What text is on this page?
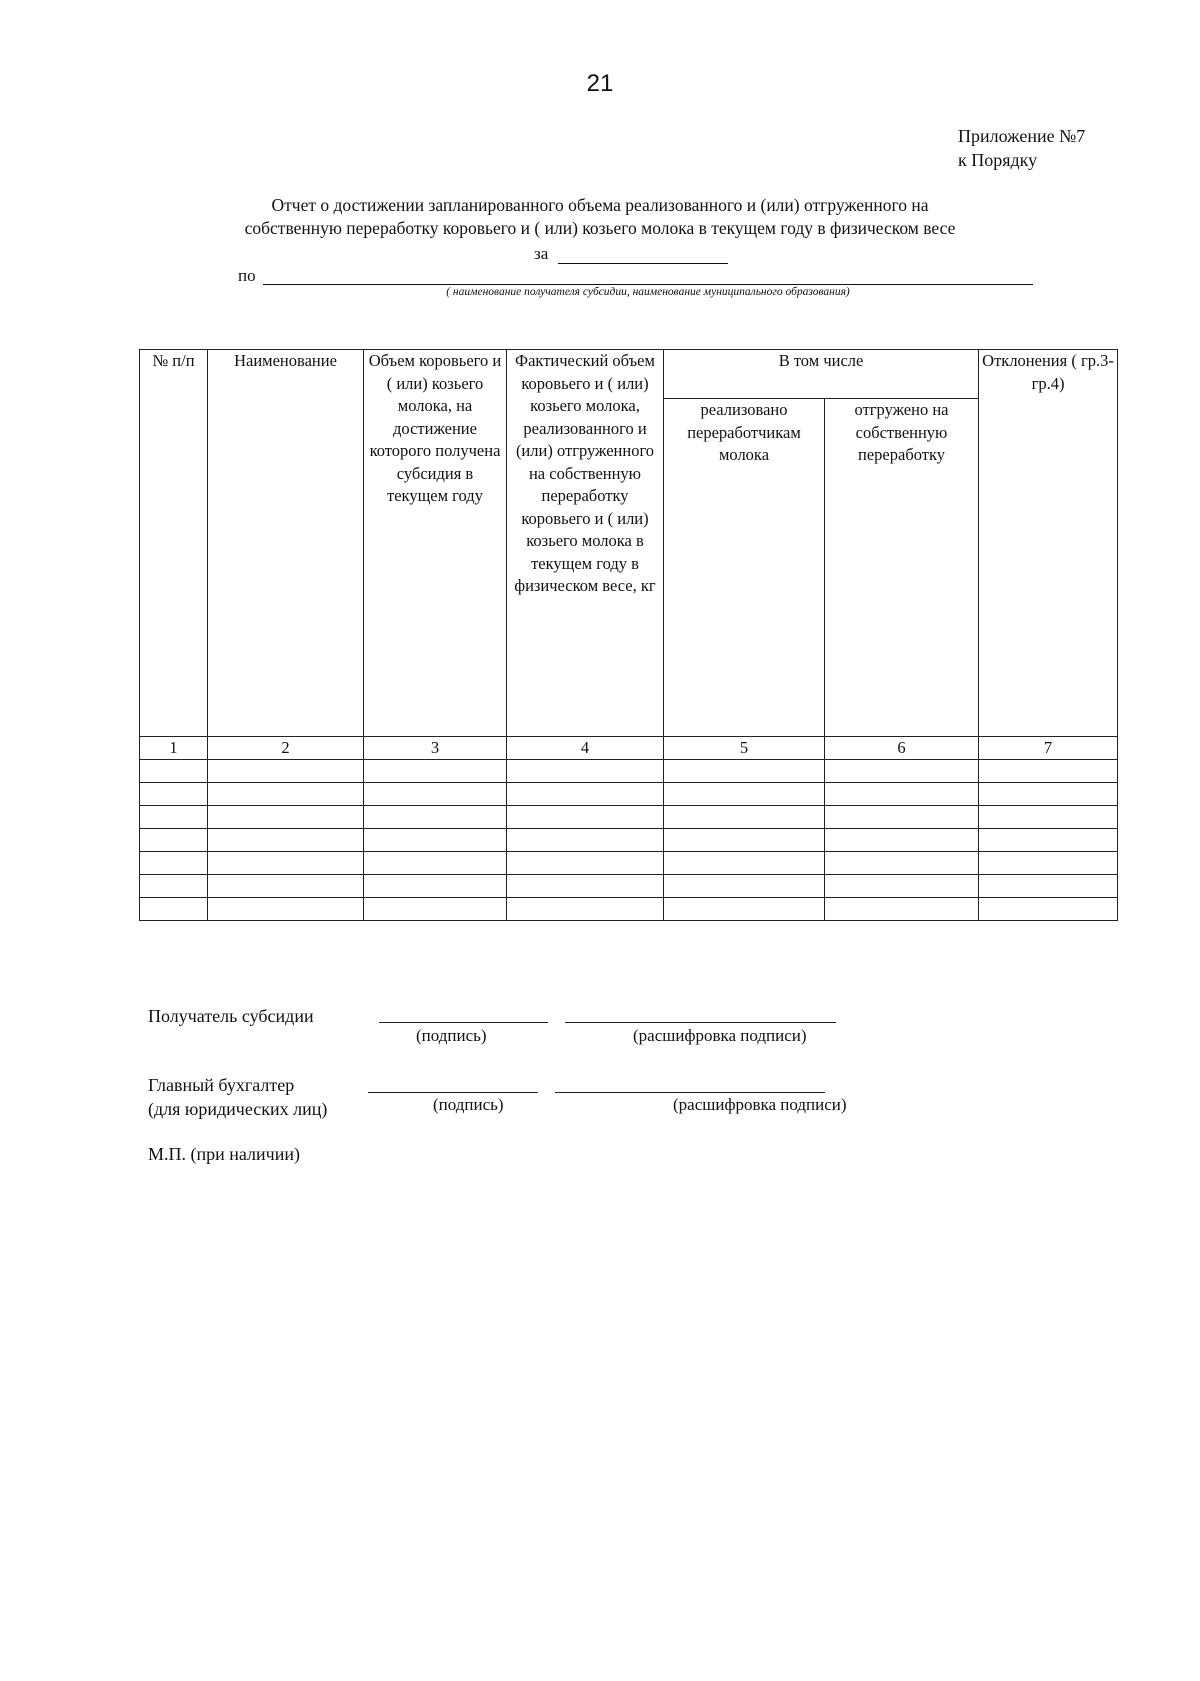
21
Приложение №7
к Порядку
Отчет о достижении запланированного объема реализованного и (или) отгруженного на
собственную переработку коровьего и ( или) козьего молока в текущем году в физическом весе
за
по
( наименование получателя субсидии, наименование муниципального образования)
№ п/п	Наименование	Объем коровьего и ( или) козьего молока, на достижение которого получена субсидия в текущем году	Фактический объем коровьего и ( или) козьего молока, реализованного и (или) отгруженного на собственную переработку коровьего и ( или) козьего молока в текущем году в физическом весе, кг	В том числе		Отклонения ( гр.3-гр.4)
				реализовано переработчикам молока	отгружено на собственную переработку	
1	2	3	4	5	6	7

Получатель субсидии
(подпись)	(расшифровка подписи)
Главный бухгалтер
(для юридических лиц)	(подпись)	(расшифровка подписи)
М.П. (при наличии)
